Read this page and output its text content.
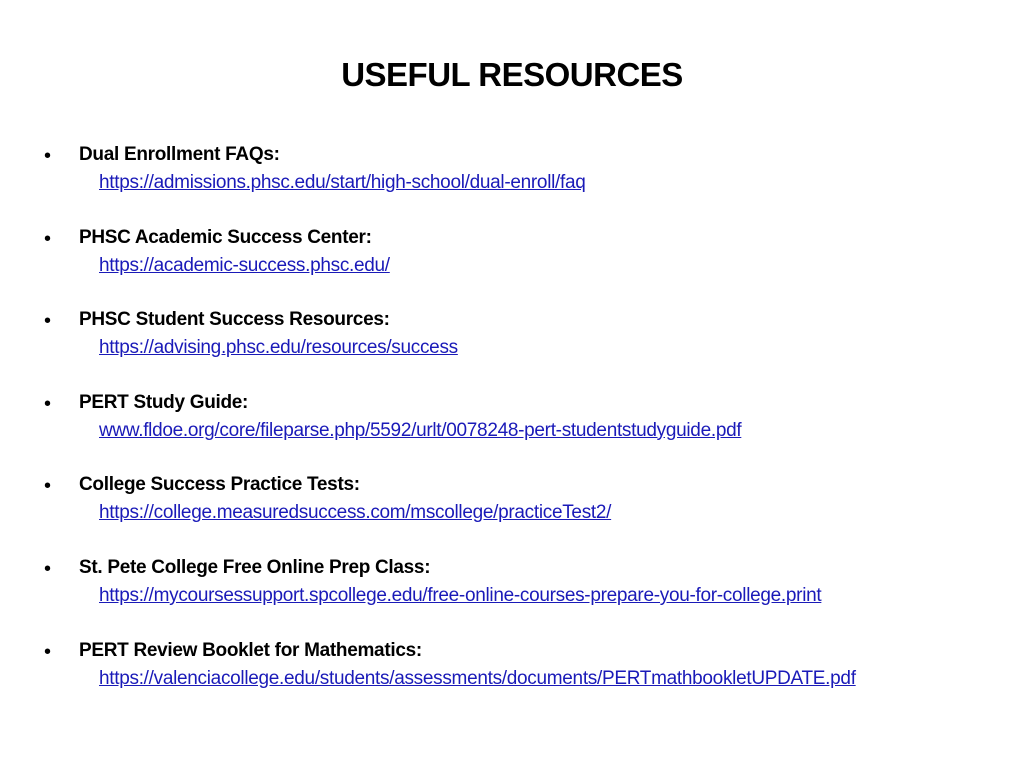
USEFUL RESOURCES
• Dual Enrollment FAQs:
https://admissions.phsc.edu/start/high-school/dual-enroll/faq
• PHSC Academic Success Center:
https://academic-success.phsc.edu/
• PHSC Student Success Resources:
https://advising.phsc.edu/resources/success
• PERT Study Guide:
www.fldoe.org/core/fileparse.php/5592/urlt/0078248-pert-studentstudyguide.pdf
• College Success Practice Tests:
https://college.measuredsuccess.com/mscollege/practiceTest2/
• St. Pete College Free Online Prep Class:
https://mycoursessupport.spcollege.edu/free-online-courses-prepare-you-for-college.print
• PERT Review Booklet for Mathematics:
https://valenciacollege.edu/students/assessments/documents/PERTmathbookletUPDATE.pdf
